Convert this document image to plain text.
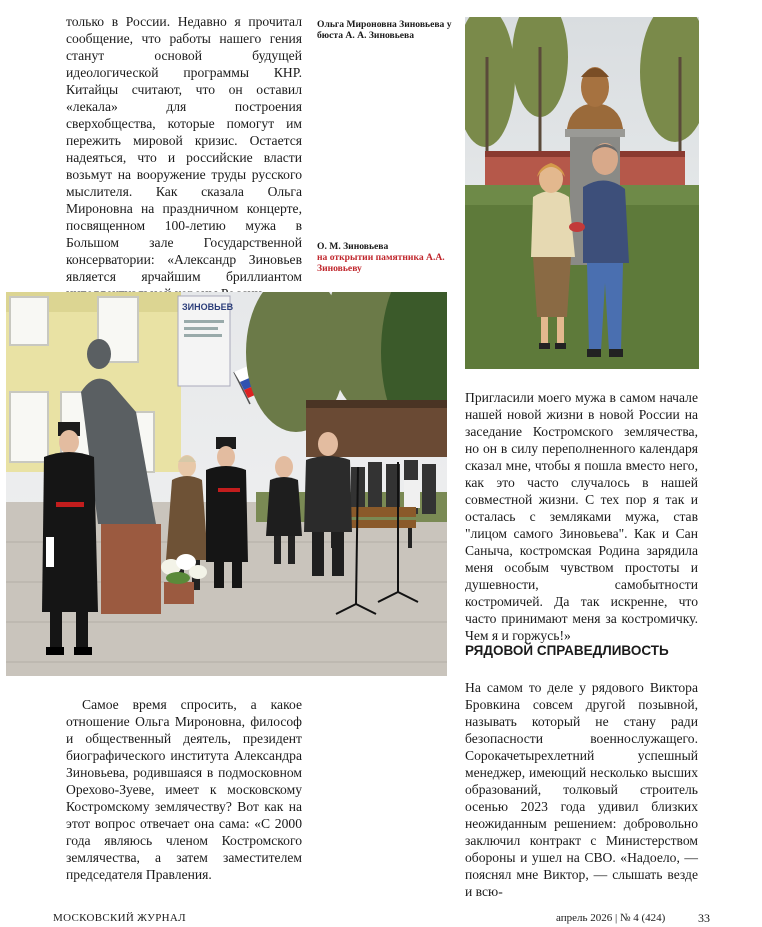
только в России. Недавно я прочитал сообщение, что работы нашего гения станут основой будущей идеологической программы КНР. Китайцы считают, что он оставил «лекала» для построения сверхобщества, которые помогут им пережить мировой кризис. Остается надеяться, что и российские власти возьмут на вооружение труды русского мыслителя. Как сказала Ольга Мироновна на праздничном концерте, посвященном 100-летию мужа в Большом зале Государственной консерватории: «Александр Зиновьев является ярчайшим бриллиантом

Ольга Мироновна Зиновьева у бюста А. А. Зиновьева
О. М. Зиновьева
на открытии памятника А.А. Зиновьеву
ЗИНОВЬЕВ

Самое время спросить, а какое отношение Ольга Мироновна, философ и общественный деятель, президент биографического института Александра Зиновьева, родившаяся в подмосковном Орехово-Зуеве, имеет к московскому Костромскому землячеству? Вот как на этот вопрос отвечает она сама: «С 2000 года являюсь членом Костромского землячества, а затем заместителем председателя Правления.

Пригласили моего мужа в самом начале нашей новой жизни в новой России на заседание Костромского землячества, но он в силу переполненного календаря сказал мне, чтобы я пошла вместо него, как это часто случалось в нашей совместной жизни. С тех пор я так и осталась с земляками мужа, став "лицом самого Зиновьева". Как и Сан Саныча, костромская Родина зарядила меня особым чувством простоты и душевности, самобытности костромичей. Да так искренне, что часто принимают меня за костромичку. Чем я и горжусь!»

РЯДОВОЙ СПРАВЕДЛИВОСТЬ

На самом то деле у рядового Виктора Бровкина совсем другой позывной, называть который не стану ради безопасности военнослужащего. Сорокачетырехлетний успешный менеджер, имеющий несколько высших образований, толковый строитель осенью 2023 года удивил близких неожиданным решением: добровольно заключил контракт с Министерством обороны и ушел на СВО. «Надоело, — пояснял мне Виктор, — слышать везде и всю-

МОСКОВСКИЙ ЖУРНАЛ	апрель 2026 | № 4 (424)	33
